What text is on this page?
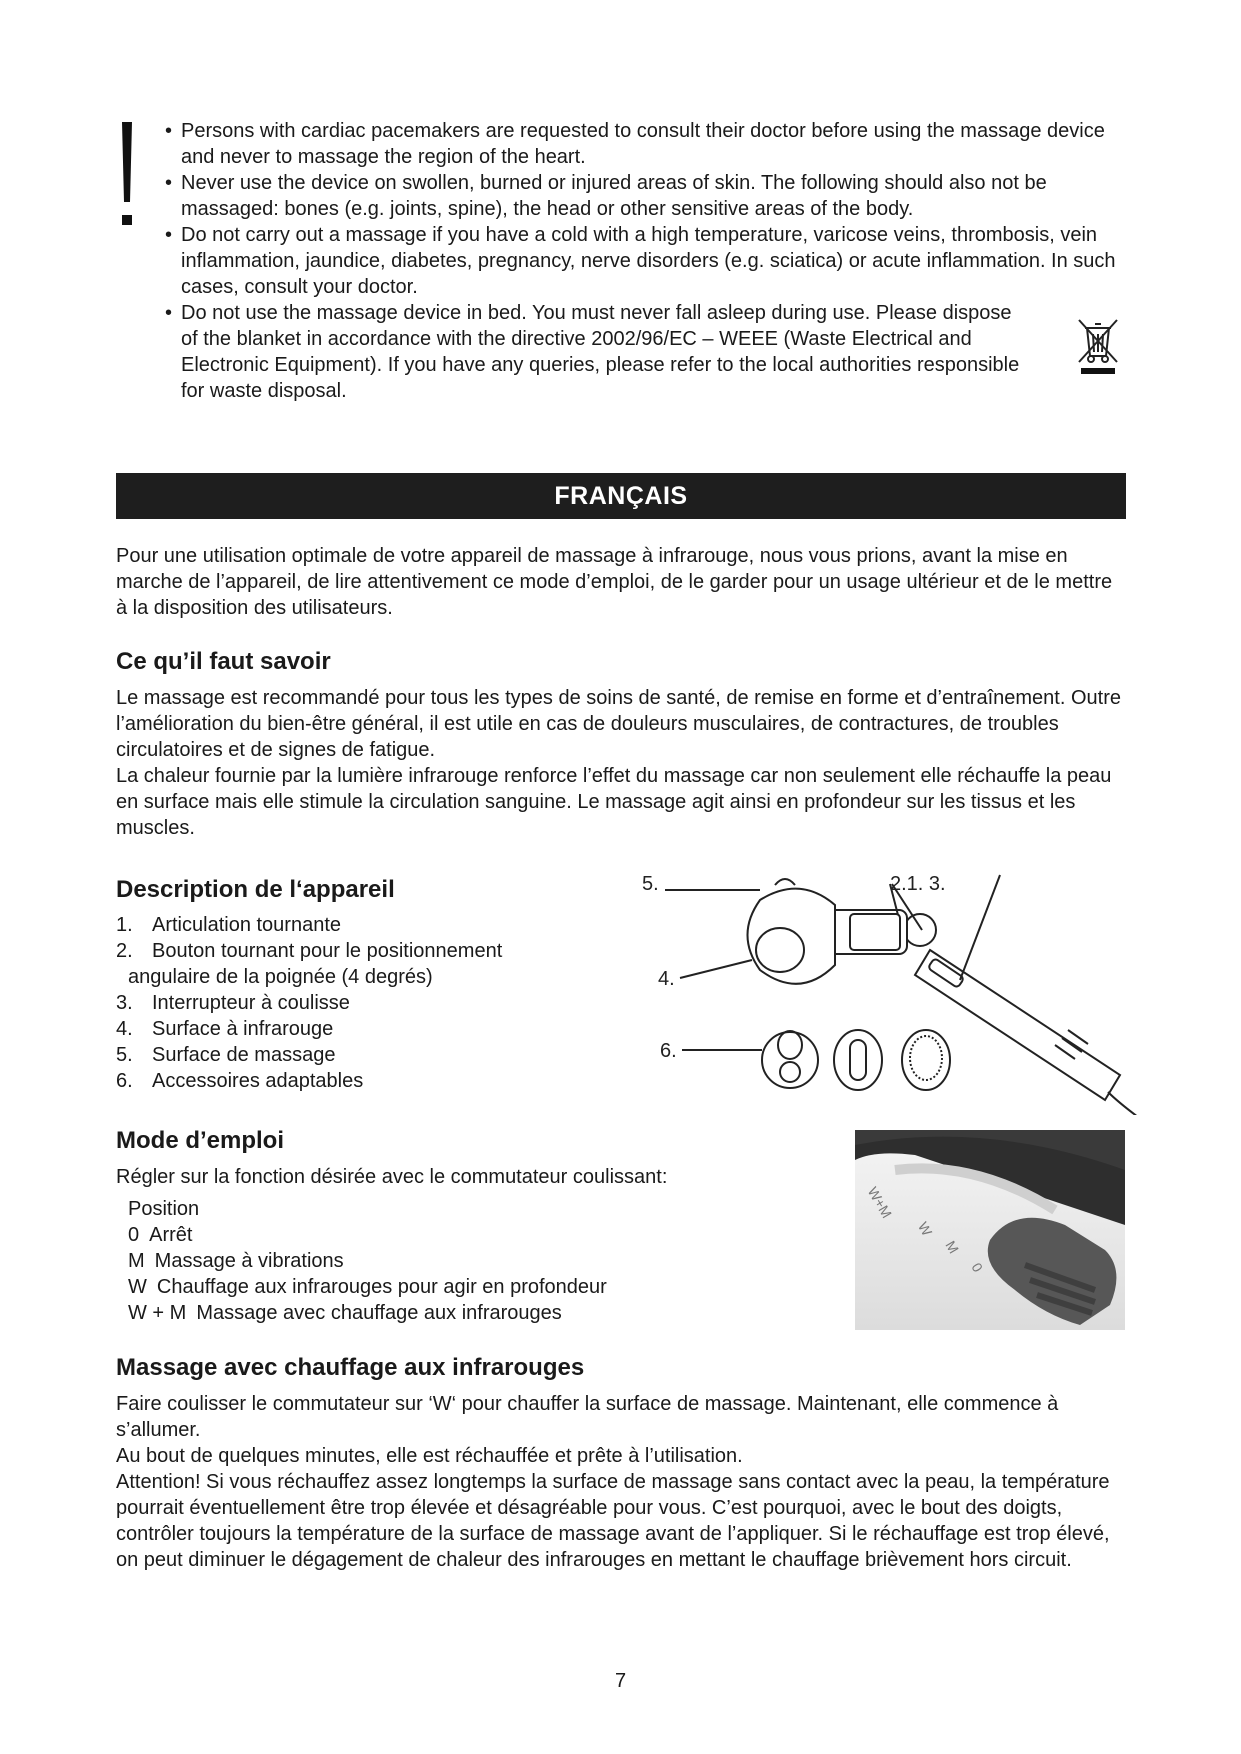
• Persons with cardiac pacemakers are requested to consult their doctor before using the massage device and never to massage the region of the heart.
• Never use the device on swollen, burned or injured areas of skin. The following should also not be massaged: bones (e.g. joints, spine), the head or other sensitive areas of the body.
• Do not carry out a massage if you have a cold with a high temperature, varicose veins, thrombosis, vein inflammation, jaundice, diabetes, pregnancy, nerve disorders (e.g. sciatica) or acute inflammation. In such cases, consult your doctor.
• Do not use the massage device in bed. You must never fall asleep during use. Please dispose of the blanket in accordance with the directive 2002/96/EC – WEEE (Waste Electrical and Electronic Equipment). If you have any queries, please refer to the local authorities responsible for waste disposal.
FRANÇAIS
Pour une utilisation optimale de votre appareil de massage à infrarouge, nous vous prions, avant la mise en marche de l’appareil, de lire attentivement ce mode d’emploi, de le garder pour un usage ultérieur et de le mettre à la disposition des utilisateurs.
Ce qu’il faut savoir
Le massage est recommandé pour tous les types de soins de santé, de remise en forme et d’entraînement. Outre l’amélioration du bien-être général, il est utile en cas de douleurs musculaires, de contractures, de troubles circulatoires et de signes de fatigue.
La chaleur fournie par la lumière infrarouge renforce l’effet du massage car non seulement elle réchauffe la peau en surface mais elle stimule la circulation sanguine. Le massage agit ainsi en profondeur sur les tissus et les muscles.
Description de l‘appareil
1. Articulation tournante
2. Bouton tournant pour le positionnement
angulaire de la poignée (4 degrés)
3. Interrupteur à coulisse
4. Surface à infrarouge
5. Surface de massage
6. Accessoires adaptables
5.	2.1. 3.
4.
6.
Mode d’emploi
Régler sur la fonction désirée avec le commutateur coulissant:
Position
0 Arrêt
M Massage à vibrations
W Chauffage aux infrarouges pour agir en profondeur
W + M Massage avec chauffage aux infrarouges
W+M
W
M
0
Massage avec chauffage aux infrarouges
Faire coulisser le commutateur sur ‘W‘ pour chauffer la surface de massage. Maintenant, elle commence à s’allumer.
Au bout de quelques minutes, elle est réchauffée et prête à l’utilisation.
Attention! Si vous réchauffez assez longtemps la surface de massage sans contact avec la peau, la température pourrait éventuellement être trop élevée et désagréable pour vous. C’est pourquoi, avec le bout des doigts, contrôler toujours la température de la surface de massage avant de l’appliquer. Si le réchauffage est trop élevé, on peut diminuer le dégagement de chaleur des infrarouges en mettant le chauffage brièvement hors circuit.
7
